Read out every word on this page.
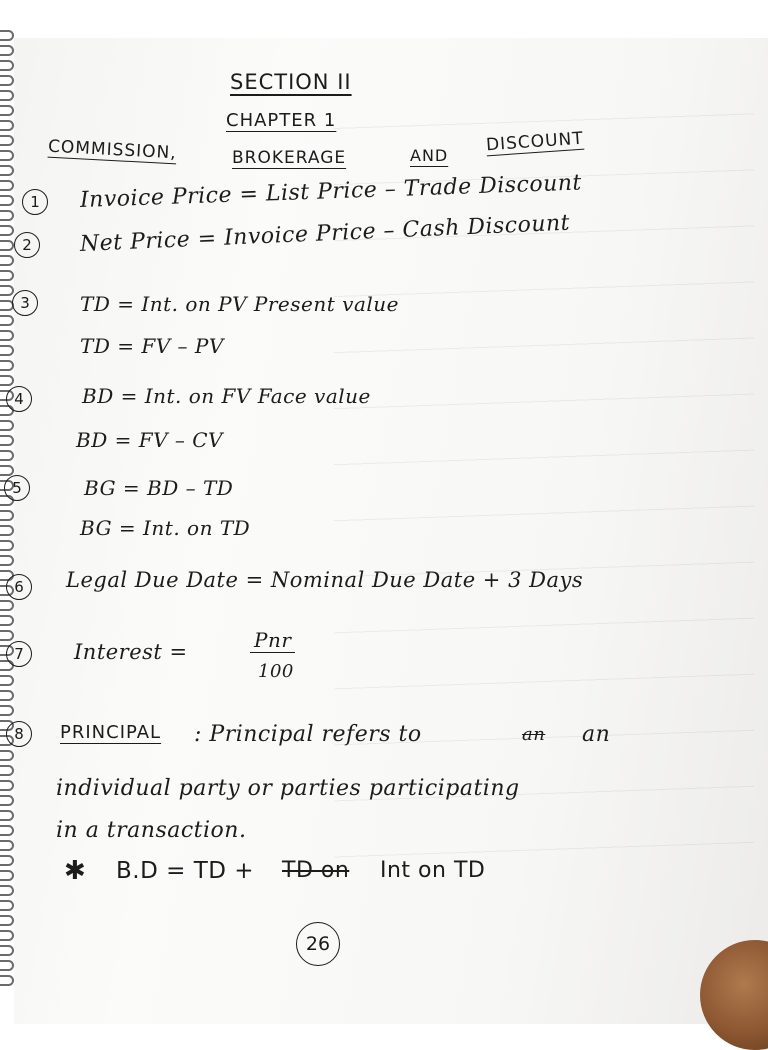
SECTION II
CHAPTER 1
COMMISSION,	BROKERAGE	AND
DISCOUNT
1	Invoice Price = List Price – Trade Discount
2	Net Price = Invoice Price – Cash Discount
3	TD = Int. on PV Present value
TD = FV – PV
4	BD = Int. on FV Face value
BD = FV – CV
5	BG = BD – TD
BG = Int. on TD
6	Legal Due Date = Nominal Due Date + 3 Days
7	Interest =	Pnr
100
8	PRINCIPAL : Principal refers to	an an
individual party or parties participating
in a transaction.
✱ B.D = TD + TD on Int on TD
26
